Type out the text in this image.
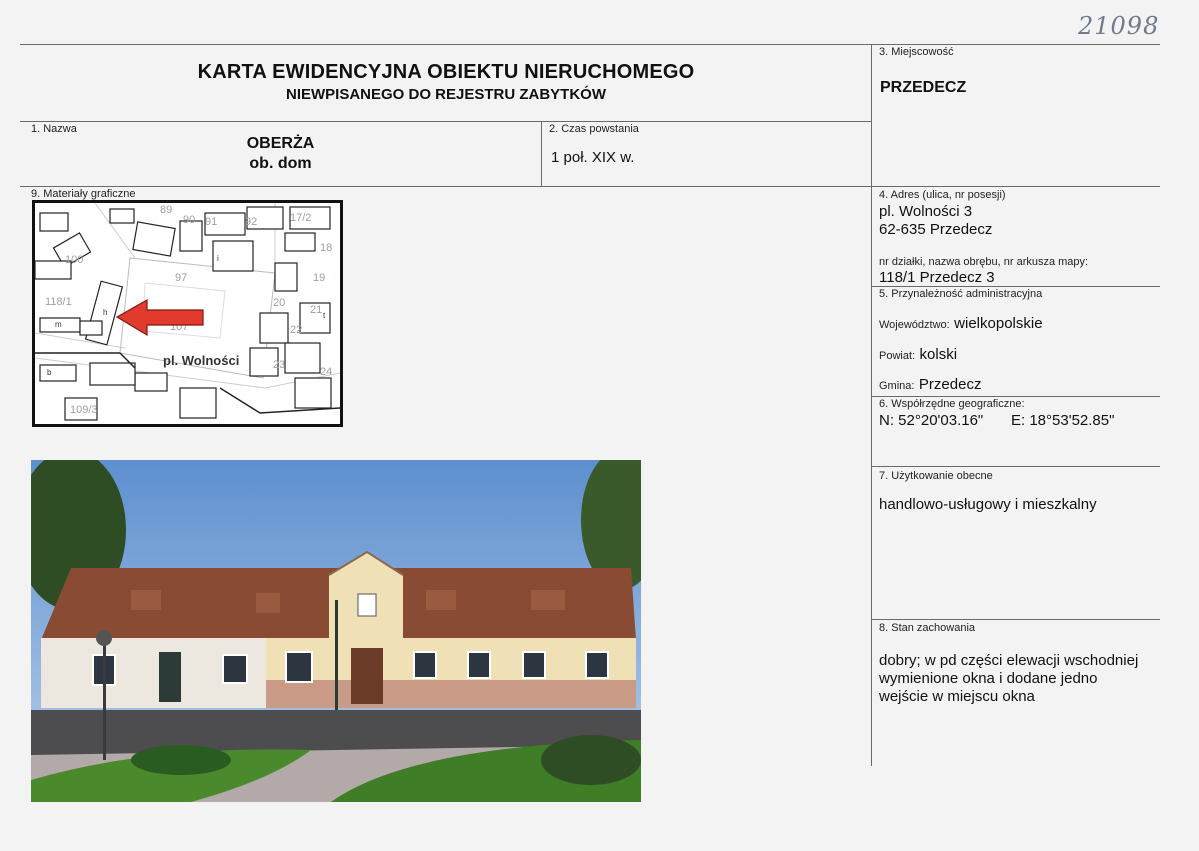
21098
KARTA EWIDENCYJNA OBIEKTU NIERUCHOMEGO
NIEWPISANEGO DO REJESTRU ZABYTKÓW
3. Miejscowość
PRZEDECZ
1. Nazwa
OBERŻA
ob. dom
2. Czas powstania
1 poł. XIX w.
9. Materiały graficzne	4. Adres (ulica, nr posesji)
pl. Wolności 3
62-635 Przedecz
nr działki, nazwa obrębu, nr arkusza mapy:
118/1 Przedecz 3
5. Przynależność administracyjna
Województwo: wielkopolskie
Powiat: kolski
Gmina: Przedecz
6. Współrzędne geograficzne:
N: 52°20'03.16" E: 18°53'52.85"
7. Użytkowanie obecne
handlowo-usługowy i mieszkalny
8. Stan zachowania
dobry; w pd części elewacji wschodniej
wymienione okna i dodane jedno
wejście w miejscu okna
89
90 91	92	17/2
18
19
97
118/1
107
20
21
22
23
24
109/3
100
h
m
i
b
t
pl. Wolności
